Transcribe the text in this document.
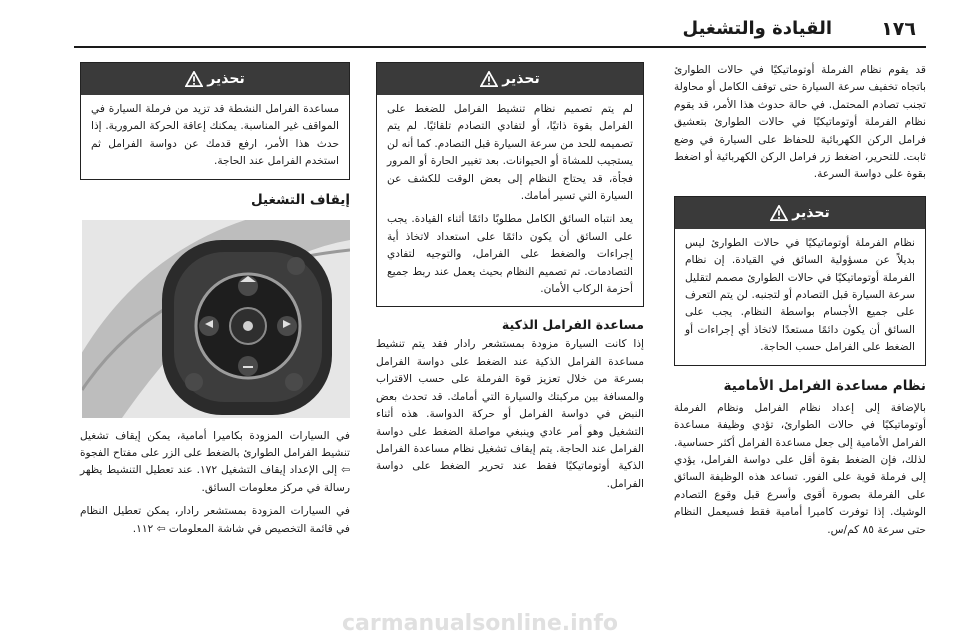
١٧٦
القيادة والتشغيل

قد يقوم نظام الفرملة أوتوماتيكيًا في حالات الطوارئ باتجاه تخفيف سرعة السيارة حتى توقف الكامل أو محاولة تجنب تصادم المحتمل. في حالة حدوث هذا الأمر، قد يقوم نظام الفرملة أوتوماتيكيًا في حالات الطوارئ بتعشيق فرامل الركن الكهربائية للحفاظ على السيارة في وضع ثابت. للتحرير، اضغط زر فرامل الركن الكهربائية أو اضغط بقوة على دواسة السرعة.

تحذير

نظام الفرملة أوتوماتيكيًا في حالات الطوارئ ليس بديلاً عن مسؤولية السائق في القيادة. إن نظام الفرملة أوتوماتيكيًا في حالات الطوارئ مصمم لتقليل سرعة السيارة قبل التصادم أو لتجنبه. لن يتم التعرف على جميع الأجسام بواسطة النظام. يجب على السائق أن يكون دائمًا مستعدًا لاتخاذ أي إجراءات أو الضغط على الفرامل حسب الحاجة.

نظام مساعدة الفرامل الأمامية

بالإضافة إلى إعداد نظام الفرامل ونظام الفرملة أوتوماتيكيًا في حالات الطوارئ، تؤدي وظيفة مساعدة الفرامل الأمامية إلى جعل مساعدة الفرامل أكثر حساسية. لذلك، فإن الضغط بقوة أقل على دواسة الفرامل، يؤدي إلى فرملة قوية على الفور. تساعد هذه الوظيفة السائق على الفرملة بصورة أقوى وأسرع قبل وقوع التصادم الوشيك. إذا توفرت كاميرا أمامية فقط فسيعمل النظام حتى سرعة ٨٥ كم/س.

تحذير

لم يتم تصميم نظام تنشيط الفرامل للضغط على الفرامل بقوة ذاتيًا، أو لتفادي التصادم تلقائيًا. لم يتم تصميمه للحد من سرعة السيارة قبل التصادم. كما أنه لن يستجيب للمشاة أو الحيوانات. بعد تغيير الحارة أو المرور فجأة، قد يحتاج النظام إلى بعض الوقت للكشف عن السيارة التي تسير أمامك.

يعد انتباه السائق الكامل مطلوبًا دائمًا أثناء القيادة. يجب على السائق أن يكون دائمًا على استعداد لاتخاذ أية إجراءات والضغط على الفرامل، والتوجيه لتفادي التصادمات. تم تصميم النظام بحيث يعمل عند ربط جميع أحزمة الركاب الأمان.

مساعدة الفرامل الذكية

إذا كانت السيارة مزودة بمستشعر رادار فقد يتم تنشيط مساعدة الفرامل الذكية عند الضغط على دواسة الفرامل بسرعة من خلال تعزيز قوة الفرملة على حسب الاقتراب والمسافة بين مركبتك والسيارة التي أمامك. قد تحدث بعض النبض في دواسة الفرامل أو حركة الدواسة. هذه أثناء التشغيل وهو أمر عادي وينبغي مواصلة الضغط على دواسة الفرامل عند الحاجة. يتم إيقاف تشغيل نظام مساعدة الفرامل الذكية أوتوماتيكيًا فقط عند تحرير الضغط على دواسة الفرامل.

تحذير

مساعدة الفرامل النشطة قد تزيد من فرملة السيارة في المواقف غير المناسبة. يمكنك إعاقة الحركة المرورية. إذا حدث هذا الأمر، ارفع قدمك عن دواسة الفرامل ثم استخدم الفرامل عند الحاجة.

إيقاف التشغيل

في السيارات المزودة بكاميرا أمامية، يمكن إيقاف تشغيل تنشيط الفرامل الطوارئ بالضغط على الزر على مفتاح الفجوة ⇦ إلى الإعداد إيقاف التشغيل ١٧٢. عند تعطيل التنشيط يظهر رسالة في مركز معلومات السائق.

في السيارات المزودة بمستشعر رادار، يمكن تعطيل النظام في قائمة التخصيص في شاشة المعلومات ⇦ ١١٢.

carmanualsonline.info
